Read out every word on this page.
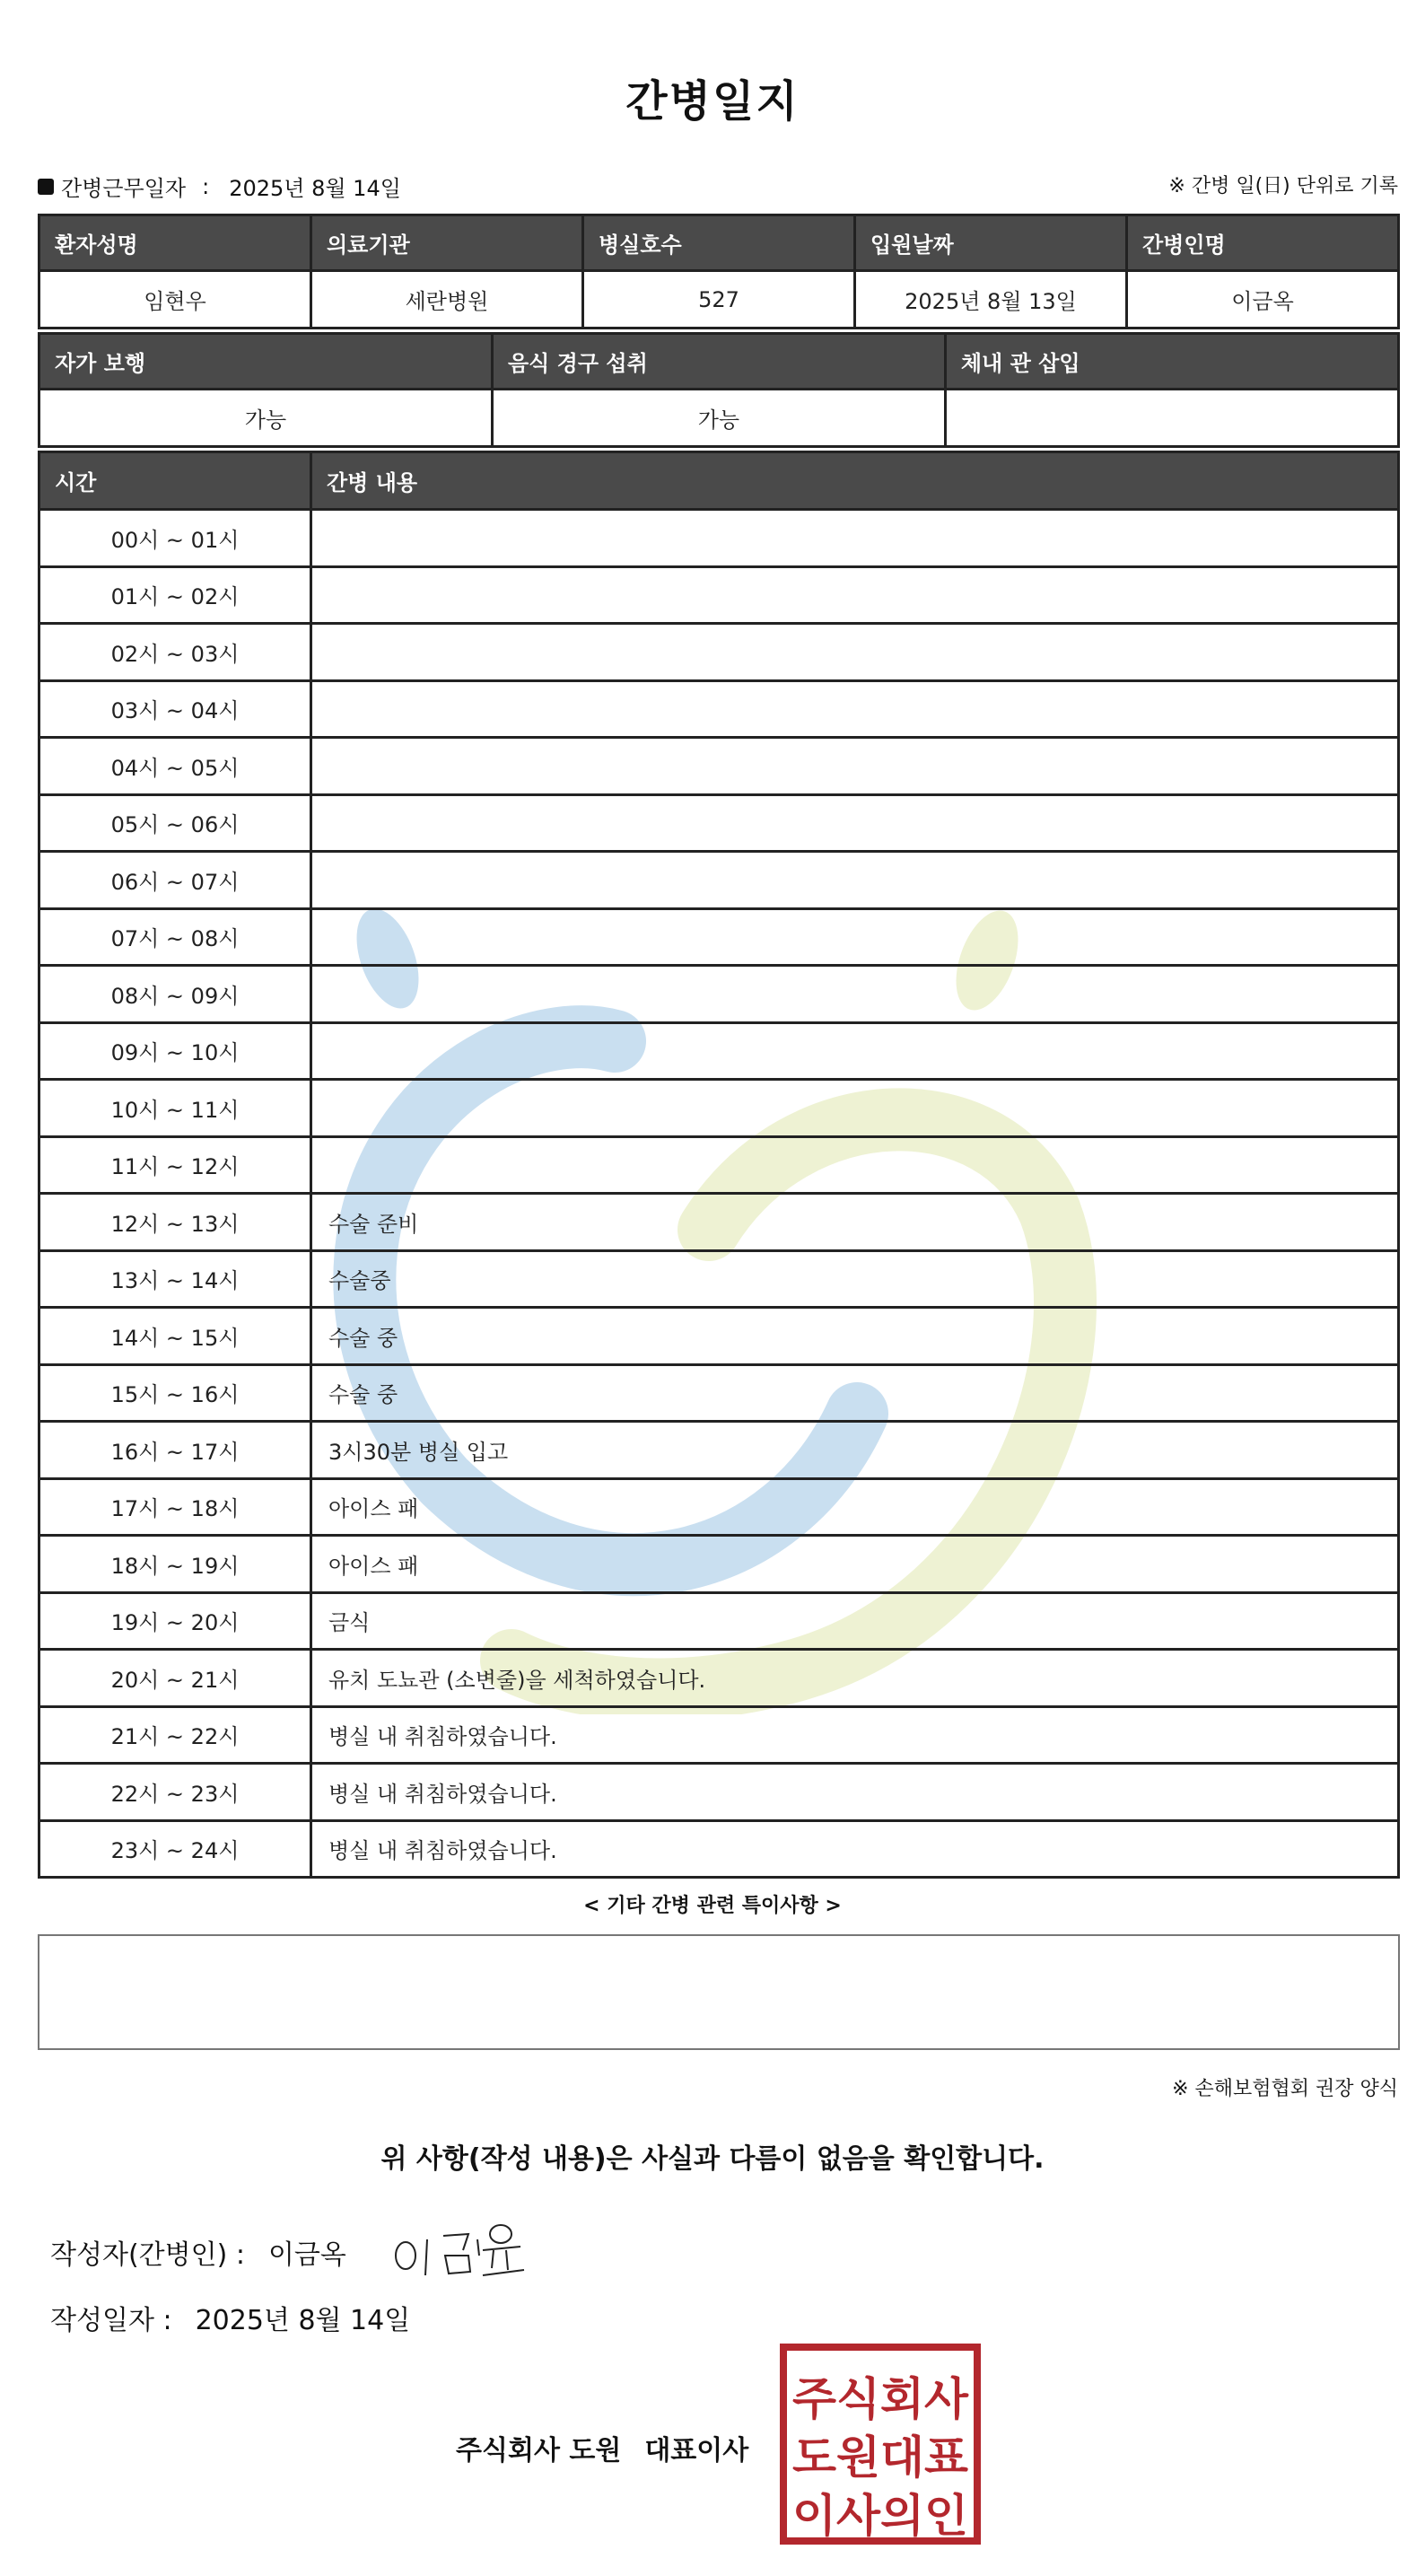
간병일지
간병근무일자 : 2025년 8월 14일	※ 간병 일(日) 단위로 기록
환자성명	의료기관	병실호수	입원날짜	간병인명
임현우	세란병원	527	2025년 8월 13일	이금옥
자가 보행	음식 경구 섭취	체내 관 삽입
가능	가능	
시간	간병 내용
00시 ~ 01시	
01시 ~ 02시	
02시 ~ 03시	
03시 ~ 04시	
04시 ~ 05시	
05시 ~ 06시	
06시 ~ 07시	
07시 ~ 08시	
08시 ~ 09시	
09시 ~ 10시	
10시 ~ 11시	
11시 ~ 12시	
12시 ~ 13시	수술 준비
13시 ~ 14시	수술중
14시 ~ 15시	수술 중
15시 ~ 16시	수술 중
16시 ~ 17시	3시30분 병실 입고
17시 ~ 18시	아이스 패
18시 ~ 19시	아이스 패
19시 ~ 20시	금식
20시 ~ 21시	유치 도뇨관 (소변줄)을 세척하였습니다.
21시 ~ 22시	병실 내 취침하였습니다.
22시 ~ 23시	병실 내 취침하였습니다.
23시 ~ 24시	병실 내 취침하였습니다.
< 기타 간병 관련 특이사항 >
※ 손해보험협회 권장 양식
위 사항(작성 내용)은 사실과 다름이 없음을 확인합니다.
작성자(간병인) : 이금옥
작성일자 : 2025년 8월 14일
주식회사 도원 대표이사
주식회사
도원대표
이사의인
